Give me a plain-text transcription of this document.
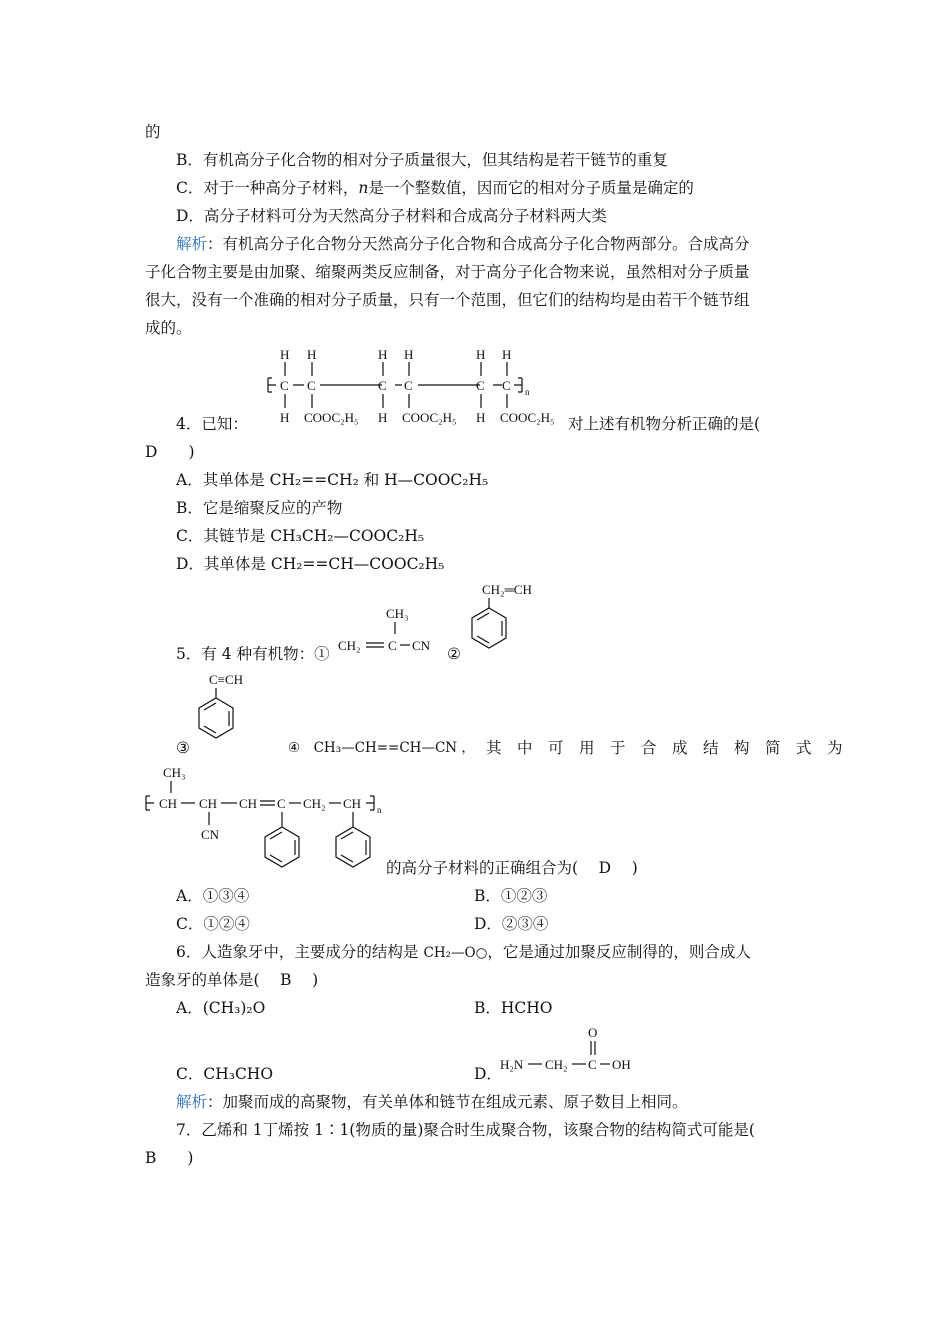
的
B．有机高分子化合物的相对分子质量很大，但其结构是若干链节的重复
C．对于一种高分子材料，n是一个整数值，因而它的相对分子质量是确定的
D．高分子材料可分为天然高分子材料和合成高分子材料两大类
解析：有机高分子化合物分天然高分子化合物和合成高分子化合物两部分。合成高分
子化合物主要是由加聚、缩聚两类反应制备，对于高分子化合物来说，虽然相对分子质量
很大，没有一个准确的相对分子质量，只有一个范围，但它们的结构均是由若干个链节组
成的。
n
H H
C C
H COOC₂H₅
H H
C C
H COOC₂H₅
H H
C C
H COOC₂H₅
4．已知：	对上述有机物分析正确的是(
D　　 )
A．其单体是 CH₂==CH₂ 和 H—COOC₂H₅
B．它是缩聚反应的产物
C．其链节是 CH₃CH₂—COOC₂H₅
D．其单体是 CH₂==CH—COOC₂H₅
5．有 4 种有机物：①
CH₃
CH₂ C CN ②
CH₂═CH
C≡CH
③	④　CH₃—CH==CH—CN ， 其　中　可　用　于　合　成　结　构　简　式　为
CH₃
CH CH CH C CH₂ CH n
CN
的高分子材料的正确组合为(　  D　  )
A．①③④	B．①②③
C．①②④	D．②③④
6．人造象牙中，主要成分的结构是  CH₂—O○，它是通过加聚反应制得的，则合成人
造象牙的单体是(　  B　  )
A．(CH₃)₂O	B．HCHO
C．CH₃CHO	D．
O
H₂N CH₂ C OH
解析：加聚而成的高聚物，有关单体和链节在组成元素、原子数目上相同。
7．乙烯和 1丁烯按 1∶1(物质的量)聚合时生成聚合物，该聚合物的结构简式可能是(
B　　 )
